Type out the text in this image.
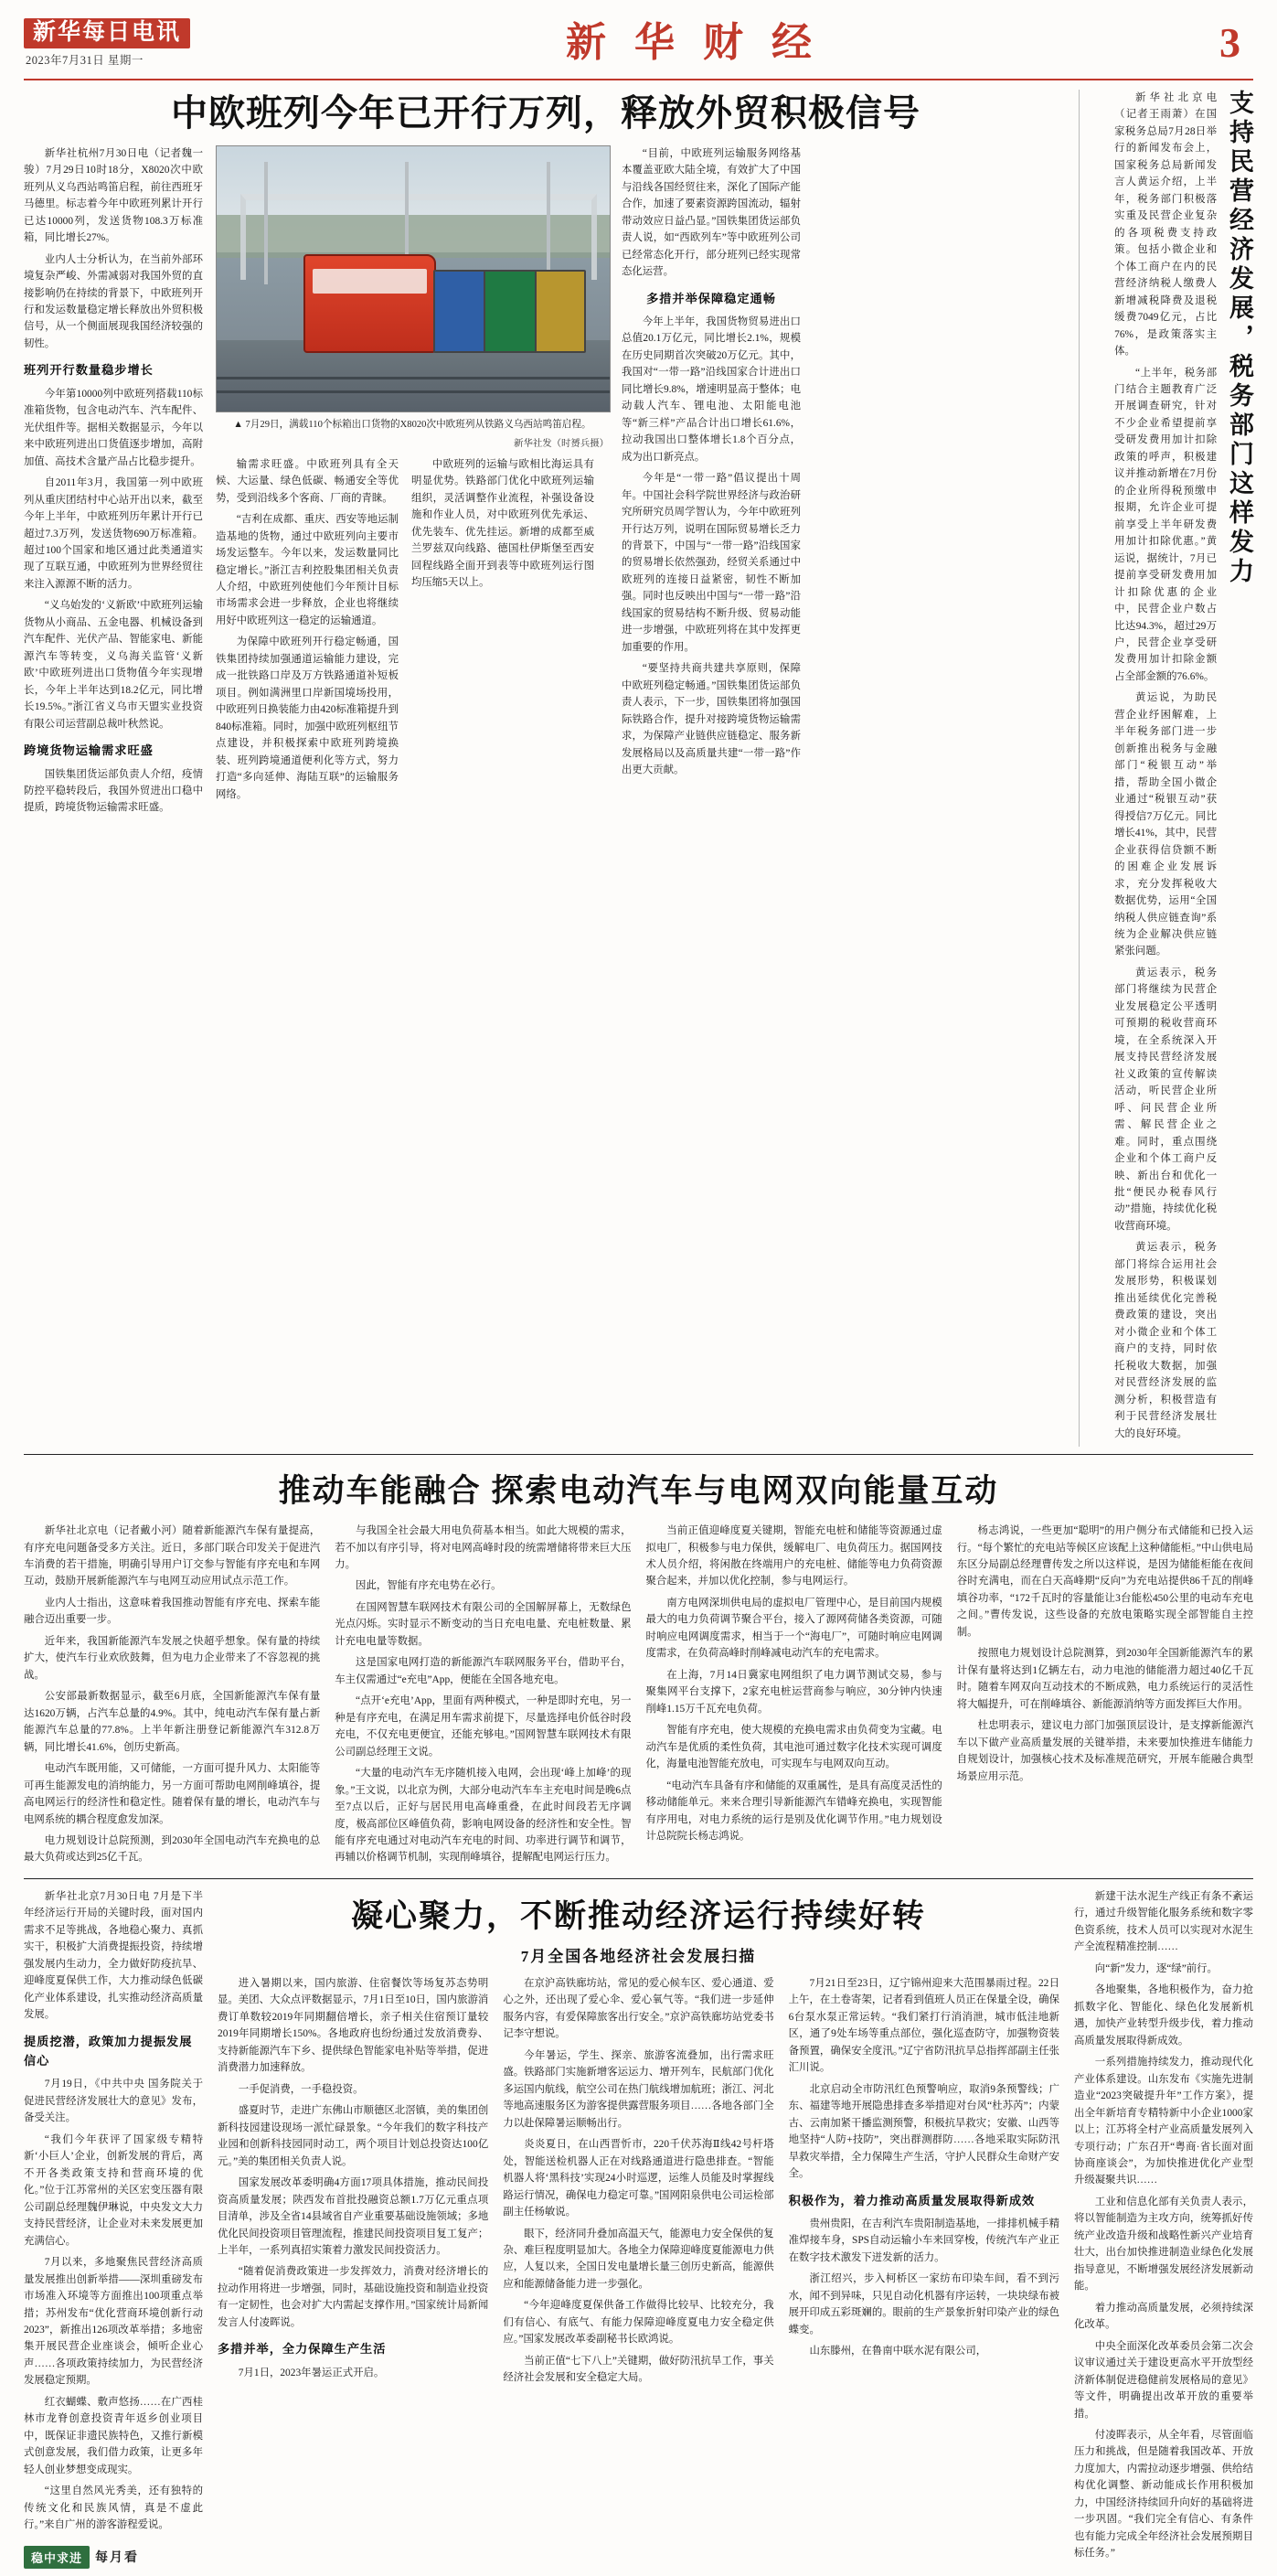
新华每日电讯
2023年7月31日 星期一	新 华 财 经	3
中欧班列今年已开行万列，释放外贸积极信号

新华社杭州7月30日电（记者魏一骏）7月29日10时18分，X8020次中欧班列从义乌西站鸣笛启程，前往西班牙马德里。标志着今年中欧班列累计开行已达10000列，发送货物108.3万标准箱，同比增长27%。

业内人士分析认为，在当前外部环境复杂严峻、外需减弱对我国外贸的直接影响仍在持续的背景下，中欧班列开行和发运数量稳定增长释放出外贸积极信号，从一个侧面展现我国经济较强的韧性。

班列开行数量稳步增长

今年第10000列中欧班列搭载110标准箱货物，包含电动汽车、汽车配件、光伏组件等。据相关数据显示，今年以来中欧班列进出口货值逐步增加，高附加值、高技术含量产品占比稳步提升。

自2011年3月，我国第一列中欧班列从重庆团结村中心站开出以来，截至今年上半年，中欧班列历年累计开行已超过7.3万列，发送货物690万标准箱。超过100个国家和地区通过此类通道实现了互联互通，中欧班列为世界经贸往来注入源源不断的活力。

“义乌始发的‘义新欧’中欧班列运输货物从小商品、五金电器、机械设备到汽车配件、光伏产品、智能家电、新能源汽车等转变，义乌海关监管‘义新欧’中欧班列进出口货物值今年实现增长，今年上半年达到18.2亿元，同比增长19.5%。”浙江省义乌市天盟实业投资有限公司运营副总裁叶秋然说。

跨境货物运输需求旺盛

国铁集团货运部负责人介绍，疫情防控平稳转段后，我国外贸进出口稳中提质，跨境货物运输需求旺盛。

▲ 7月29日，满载110个标箱出口货物的X8020次中欧班列从铁路义乌西站鸣笛启程。
新华社发（时赟兵摄）

输需求旺盛。中欧班列具有全天候、大运量、绿色低碳、畅通安全等优势，受到沿线多个客商、厂商的青睐。

“吉利在成都、重庆、西安等地运制造基地的货物，通过中欧班列向主要市场发运整车。今年以来，发运数量同比稳定增长。”浙江吉利控股集团相关负责人介绍，中欧班列使他们今年预计目标市场需求会进一步释放，企业也将继续用好中欧班列这一稳定的运输通道。

为保障中欧班列开行稳定畅通，国铁集团持续加强通道运输能力建设，完成一批铁路口岸及万方铁路通道补短板项目。例如满洲里口岸新国境场投用，中欧班列日换装能力由420标准箱提升到840标准箱。同时，加强中欧班列枢纽节点建设，并积极探索中欧班列跨境换装、班列跨境通道便利化等方式，努力打造“多向延伸、海陆互联”的运输服务网络。

中欧班列的运输与欧相比海运具有明显优势。铁路部门优化中欧班列运输组织，灵活调整作业流程，补强设备设施和作业人员，对中欧班列优先承运、优先装车、优先挂运。新增的成都至威兰罗兹双向线路、德国杜伊斯堡至西安回程线路全面开到表等中欧班列运行图均压缩5天以上。

“目前，中欧班列运输服务网络基本覆盖亚欧大陆全境，有效扩大了中国与沿线各国经贸往来，深化了国际产能合作，加速了要素资源跨国流动，辐射带动效应日益凸显。”国铁集团货运部负责人说，如“西欧列车”等中欧班列公司已经常态化开行，部分班列已经实现常态化运营。

多措并举保障稳定通畅

今年上半年，我国货物贸易进出口总值20.1万亿元，同比增长2.1%，规模在历史同期首次突破20万亿元。其中，我国对“一带一路”沿线国家合计进出口同比增长9.8%，增速明显高于整体；电动载人汽车、锂电池、太阳能电池等“新三样”产品合计出口增长61.6%，拉动我国出口整体增长1.8个百分点，成为出口新亮点。

今年是“一带一路”倡议提出十周年。中国社会科学院世界经济与政治研究所研究员周学智认为，今年中欧班列开行达万列，说明在国际贸易增长乏力的背景下，中国与“一带一路”沿线国家的贸易增长依然强劲，经贸关系通过中欧班列的连接日益紧密，韧性不断加强。同时也反映出中国与“一带一路”沿线国家的贸易结构不断升级、贸易动能进一步增强，中欧班列将在其中发挥更加重要的作用。

“要坚持共商共建共享原则，保障中欧班列稳定畅通。”国铁集团货运部负责人表示，下一步，国铁集团将加强国际铁路合作，提升对接跨境货物运输需求，为保障产业链供应链稳定、服务新发展格局以及高质量共建“一带一路”作出更大贡献。

支持民营经济发展，税务部门这样发力

新华社北京电（记者王雨萧）在国家税务总局7月28日举行的新闻发布会上，国家税务总局新闻发言人黄运介绍，上半年，税务部门积极落实重及民营企业复杂的各项税费支持政策。包括小微企业和个体工商户在内的民营经济纳税人缴费人新增减税降费及退税缓费7049亿元，占比76%，是政策落实主体。

“上半年，税务部门结合主题教育广泛开展调查研究，针对不少企业希望提前享受研发费用加计扣除政策的呼声，积极建议并推动新增在7月份的企业所得税预缴申报期，允许企业可提前享受上半年研发费用加计扣除优惠。”黄运说，据统计，7月已提前享受研发费用加计扣除优惠的企业中，民营企业户数占比达94.3%，超过29万户，民营企业享受研发费用加计扣除金额占全部金额的76.6%。

黄运说，为助民营企业纾困解难，上半年税务部门进一步创新推出税务与金融部门“税银互动”举措，帮助全国小微企业通过“税银互动”获得授信7万亿元。同比增长41%，其中，民营企业获得信贷额不断的困难企业发展诉求，充分发挥税收大数据优势，运用“全国纳税人供应链查询”系统为企业解决供应链紧张问题。

黄运表示，税务部门将继续为民营企业发展稳定公平透明可预期的税收营商环境，在全系统深入开展支持民营经济发展社义政策的宣传解读活动，听民营企业所呼、问民营企业所需、解民营企业之难。同时，重点围绕企业和个体工商户反映、新出台和优化一批“便民办税春风行动”措施，持续优化税收营商环境。

黄运表示，税务部门将综合运用社会发展形势，积极谋划推出延续优化完善税费政策的建设，突出对小微企业和个体工商户的支持，同时依托税收大数据，加强对民营经济发展的监测分析，积极营造有利于民营经济发展壮大的良好环境。

推动车能融合 探索电动汽车与电网双向能量互动

新华社北京电（记者戴小河）随着新能源汽车保有量提高，有序充电问题备受多方关注。近日，多部门联合印发关于促进汽车消费的若干措施，明确引导用户订交参与智能有序充电和车网互动，鼓励开展新能源汽车与电网互动应用试点示范工作。

业内人士指出，这意味着我国推动智能有序充电、探索车能融合迈出重要一步。

近年来，我国新能源汽车发展之快超乎想象。保有量的持续扩大，使汽车行业欢欣鼓舞，但为电力企业带来了不容忽视的挑战。

公安部最新数据显示，截至6月底，全国新能源汽车保有量达1620万辆，占汽车总量的4.9%。其中，纯电动汽车保有量占新能源汽车总量的77.8%。上半年新注册登记新能源汽车312.8万辆，同比增长41.6%，创历史新高。

电动汽车既用能，又可储能，一方面可提升风力、太阳能等可再生能源发电的消纳能力，另一方面可帮助电网削峰填谷，提高电网运行的经济性和稳定性。随着保有量的增长，电动汽车与电网系统的耦合程度愈发加深。

电力规划设计总院预测，到2030年全国电动汽车充换电的总最大负荷或达到25亿千瓦。

与我国全社会最大用电负荷基本相当。如此大规模的需求，若不加以有序引导，将对电网高峰时段的统需增储将带来巨大压力。

因此，智能有序充电势在必行。

在国网智慧车联网技术有限公司的全国解屏幕上，无数绿色光点闪烁。实时显示不断变动的当日充电电量、充电桩数量、累计充电电量等数据。

这是国家电网打造的新能源汽车联网服务平台，借助平台，车主仅需通过“e充电”App，便能在全国各地充电。

“点开‘e充电’App，里面有两种模式，一种是即时充电，另一种是有序充电，在满足用车需求前提下，尽量选择电价低谷时段充电，不仅充电更便宜，还能充够电。”国网智慧车联网技术有限公司副总经理王文说。

“大量的电动汽车无序随机接入电网，会出现‘峰上加峰’的现象。”王文说，以北京为例，大部分电动汽车车主充电时间是晚6点至7点以后，正好与居民用电高峰重叠，在此时间段若无序调度，极高部位区峰值负荷，影响电网设备的经济性和安全性。智能有序充电通过对电动汽车充电的时间、功率进行调节和调节，再辅以价格调节机制，实现削峰填谷，提解配电网运行压力。

当前正值迎峰度夏关键期，智能充电桩和储能等资源通过虚拟电厂，积极参与电力保供，缓解电厂、电负荷压力。据国网技术人员介绍，将闲散在终端用户的充电桩、储能等电力负荷资源聚合起来，并加以优化控制，参与电网运行。

南方电网深圳供电局的虚拟电厂管理中心，是目前国内规模最大的电力负荷调节聚合平台，接入了源网荷储各类资源，可随时响应电网调度需求，相当于一个“海电厂”，可随时响应电网调度需求，在负荷高峰时削峰减电动汽车的充电需求。

在上海，7月14日冀家电网组织了电力调节测试交易，参与聚集网平台支撑下，2家充电桩运营商参与响应，30分钟内快速削峰1.15万千瓦充电负荷。

智能有序充电，使大规模的充换电需求由负荷变为宝藏。电动汽车是优质的柔性负荷，其电池可通过数字化技术实现可调度化，海量电池智能充放电，可实现车与电网双向互动。

“电动汽车具备有序和储能的双重属性，是具有高度灵活性的移动储能单元。来来合理引导新能源汽车错峰充换电，实现智能有序用电，对电力系统的运行是别及优化调节作用。”电力规划设计总院院长杨志鸿说。

杨志鸿说，一些更加“聪明”的用户侧分布式储能和已投入运行。“每个繁忙的充电站等候区应该配上这种储能柜。”中山供电局东区分局副总经理曹传发之所以这样说，是因为储能柜能在夜间谷时充满电，而在白天高峰期“反向”为充电站提供86千瓦的削峰填谷功率，“172千瓦时的容量能让3台能松450公里的电动车充电之间。”曹传发说，这些设备的充放电策略实现全部智能自主控制。

按照电力规划设计总院测算，到2030年全国新能源汽车的累计保有量将达到1亿辆左右，动力电池的储能潜力超过40亿千瓦时。随着车网双向互动技术的不断成熟，电力系统运行的灵活性将大幅提升，可在削峰填谷、新能源消纳等方面发挥巨大作用。

杜忠明表示，建议电力部门加强顶层设计，是支撑新能源汽车以下做产业高质量发展的关键举措，未来要加快推进车储能力自规划设计，加强核心技术及标准规范研究，开展车能融合典型场景应用示范。

新华社北京7月30日电 7月是下半年经济运行开局的关键时段，面对国内需求不足等挑战，各地稳心聚力、真抓实干，积极扩大消费提振投资，持续增强发展内生动力，全力做好防疫抗旱、迎峰度夏保供工作，大力推动绿色低碳化产业体系建设，扎实推动经济高质量发展。

提质挖潜，政策加力提振发展信心

7月19日，《中共中央 国务院关于促进民营经济发展壮大的意见》发布，备受关注。

“我们今年获评了国家级专精特新‘小巨人’企业，创新发展的背后，离不开各类政策支持和营商环境的优化。”位于江苏常州的关区宏变压器有限公司副总经理魏伊琳说，中央发文大力支持民营经济，让企业对未来发展更加充满信心。

7月以来，多地聚焦民营经济高质量发展推出创新举措——深圳重磅发布市场准入环境等方面推出100项重点举措；苏州发布“优化营商环境创新行动2023”，新推出126项改革举措；多地密集开展民营企业座谈会，倾听企业心声……各项政策持续加力，为民营经济发展稳定预期。

红衣蝴蝶、敷声悠扬……在广西桂林市龙脊创意投资青年返乡创业项目中，既保证非遗民族特色，又推行新模式创意发展，我们借力政策，让更多年轻人创业梦想变成现实。

“这里自然风光秀美，还有独特的传统文化和民族风情，真是不虚此行。”来自广州的游客游程爱说。

凝心聚力，不断推动经济运行持续好转
7月全国各地经济社会发展扫描

进入暑期以来，国内旅游、住宿餐饮等场复苏态势明显。美团、大众点评数据显示，7月1日至10日，国内旅游消费订单数较2019年同期翻倍增长，亲子相关住宿预订量较2019年同期增长150%。各地政府也纷纷通过发放消费券、支持新能源汽车下乡、提供绿色智能家电补贴等举措，促进消费潜力加速释放。

一手促消费，一手稳投资。

盛夏时节，走进广东佛山市顺德区北滘镇，美的集团创新科技园建设现场一派忙碌景象。“今年我们的数字科技产业园和创新科技园同时动工，两个项目计划总投资达100亿元。”美的集团相关负责人说。

国家发展改革委明确4方面17项具体措施，推动民间投资高质量发展；陕西发布首批投融资总额1.7万亿元重点项目清单，涉及全省14县域省自产业重要基础设施领域；多地优化民间投资项目管理流程，推建民间投资项目复工复产；上半年，一系列真招实策着力激发民间投资活力。

“随着促消费政策进一步发挥效力，消费对经济增长的拉动作用将进一步增强，同时，基础设施投资和制造业投资有一定韧性，也会对扩大内需起支撑作用。”国家统计局新闻发言人付凌晖说。

多措并举，全力保障生产生活

7月1日，2023年暑运正式开启。

在京沪高铁廊坊站，常见的爱心候车区、爱心通道、爱心之外，还出现了爱心伞、爱心氧气等。“我们进一步延伸服务内容，有爱保障旅客出行安全。”京沪高铁廊坊站党委书记李守想说。

今年暑运，学生、探亲、旅游客流叠加，出行需求旺盛。铁路部门实施新增客运运力、增开列车，民航部门优化多运国内航线，航空公司在热门航线增加航班；浙江、河北等地高速服务区为游客提供露营服务项目……各地各部门全力以赴保障暑运顺畅出行。

炎炎夏日，在山西晋忻市，220千伏苏海Ⅱ线42号杆塔处，智能送检机器人正在对线路通道进行隐患排查。“智能机器人将‘黑科技’实现24小时巡逻，运维人员能及时掌握线路运行情况，确保电力稳定可靠。”国网阳泉供电公司运检部副主任杨敏说。

眼下，经济同升叠加高温天气，能源电力安全保供的复杂、难巨程度明显加大。各地全力保障迎峰度夏能源电力供应，人复以来，全国日发电量增长量三创历史新高，能源供应和能源储备能力进一步强化。

“今年迎峰度夏保供备工作做得比较早、比较充分，我们有信心、有底气、有能力保障迎峰度夏电力安全稳定供应。”国家发展改革委副秘书长欧鸿说。

当前正值“七下八上”关键期，做好防汛抗旱工作，事关经济社会发展和安全稳定大局。

7月21日至23日，辽宁锦州迎来大范围暴雨过程。22日上午，在土卷寄架，记者看到值班人员正在保量全设，确保6台泵水泵正常运转。“我们紧打行消消泄，城市低洼地新区，通了9处车场等重点部位，强化巡查防守，加强物资装备预置，确保安全度汛。”辽宁省防汛抗旱总指挥部副主任张汇川说。

北京启动全市防汛红色预警响应，取消9条预警线；广东、福建等地开展隐患排查多举措迎对台风“杜苏芮”；内蒙古、云南加紧干播监测预警，积极抗旱救灾；安徽、山西等地坚持“人防+技防”，突出群测群防……各地采取实际防汛旱救灾举措，全力保障生产生活，守护人民群众生命财产安全。

积极作为，着力推动高质量发展取得新成效

贵州贵阳，在吉利汽车贵阳制造基地，一排排机械手精准焊接车身，SPS自动运输小车来回穿梭，传统汽车产业正在数字技术激发下迸发新的活力。

浙江绍兴，步入柯桥区一家纺布印染车间，看不到污水，闻不到异味，只见自动化机器有序运转，一块块绿布被展开印成五彩斑斓的。眼前的生产景象折射印染产业的绿色蝶变。

山东滕州，在鲁南中联水泥有限公司，

新建干法水泥生产线正有条不紊运行，通过升级智能化服务系统和数字零色资系统，技术人员可以实现对水泥生产全流程精准控制……

向“新”发力，逐“绿”前行。

各地聚集，各地积极作为，奋力抢抓数字化、智能化、绿色化发展新机遇，加快产业转型升级步伐，着力推动高质量发展取得新成效。

一系列措施持续发力，推动现代化产业体系建设。山东发布《实施先进制造业“2023突破提升年”工作方案》，提出全年新培育专精特新中小企业1000家以上；江苏将全村产业高质量发展列入专项行动；广东召开“粤商·省长面对面协商座谈会”，为加快推进优化产业型升级凝聚共识……

工业和信息化部有关负责人表示，将以智能制造为主攻方向，统筹抓好传统产业改造升级和战略性新兴产业培育壮大，出台加快推进制造业绿色化发展指导意见，不断增强发展经济发展新动能。

着力推动高质量发展，必须持续深化改革。

中央全面深化改革委员会第二次会议审议通过关于建设更高水平开放型经济新体制促进稳健前发展格局的意见》等文件，明确提出改革开放的重要举措。

付凌晖表示，从全年看，尽管面临压力和挑战，但是随着我国改革、开放力度加大，内需拉动逐步增强、供给结构优化调整、新动能成长作用积极加力，中国经济持续回升向好的基础将进一步巩固。“我们完全有信心、有条件也有能力完成全年经济社会发展预期目标任务。”

稳中求进	每月看
